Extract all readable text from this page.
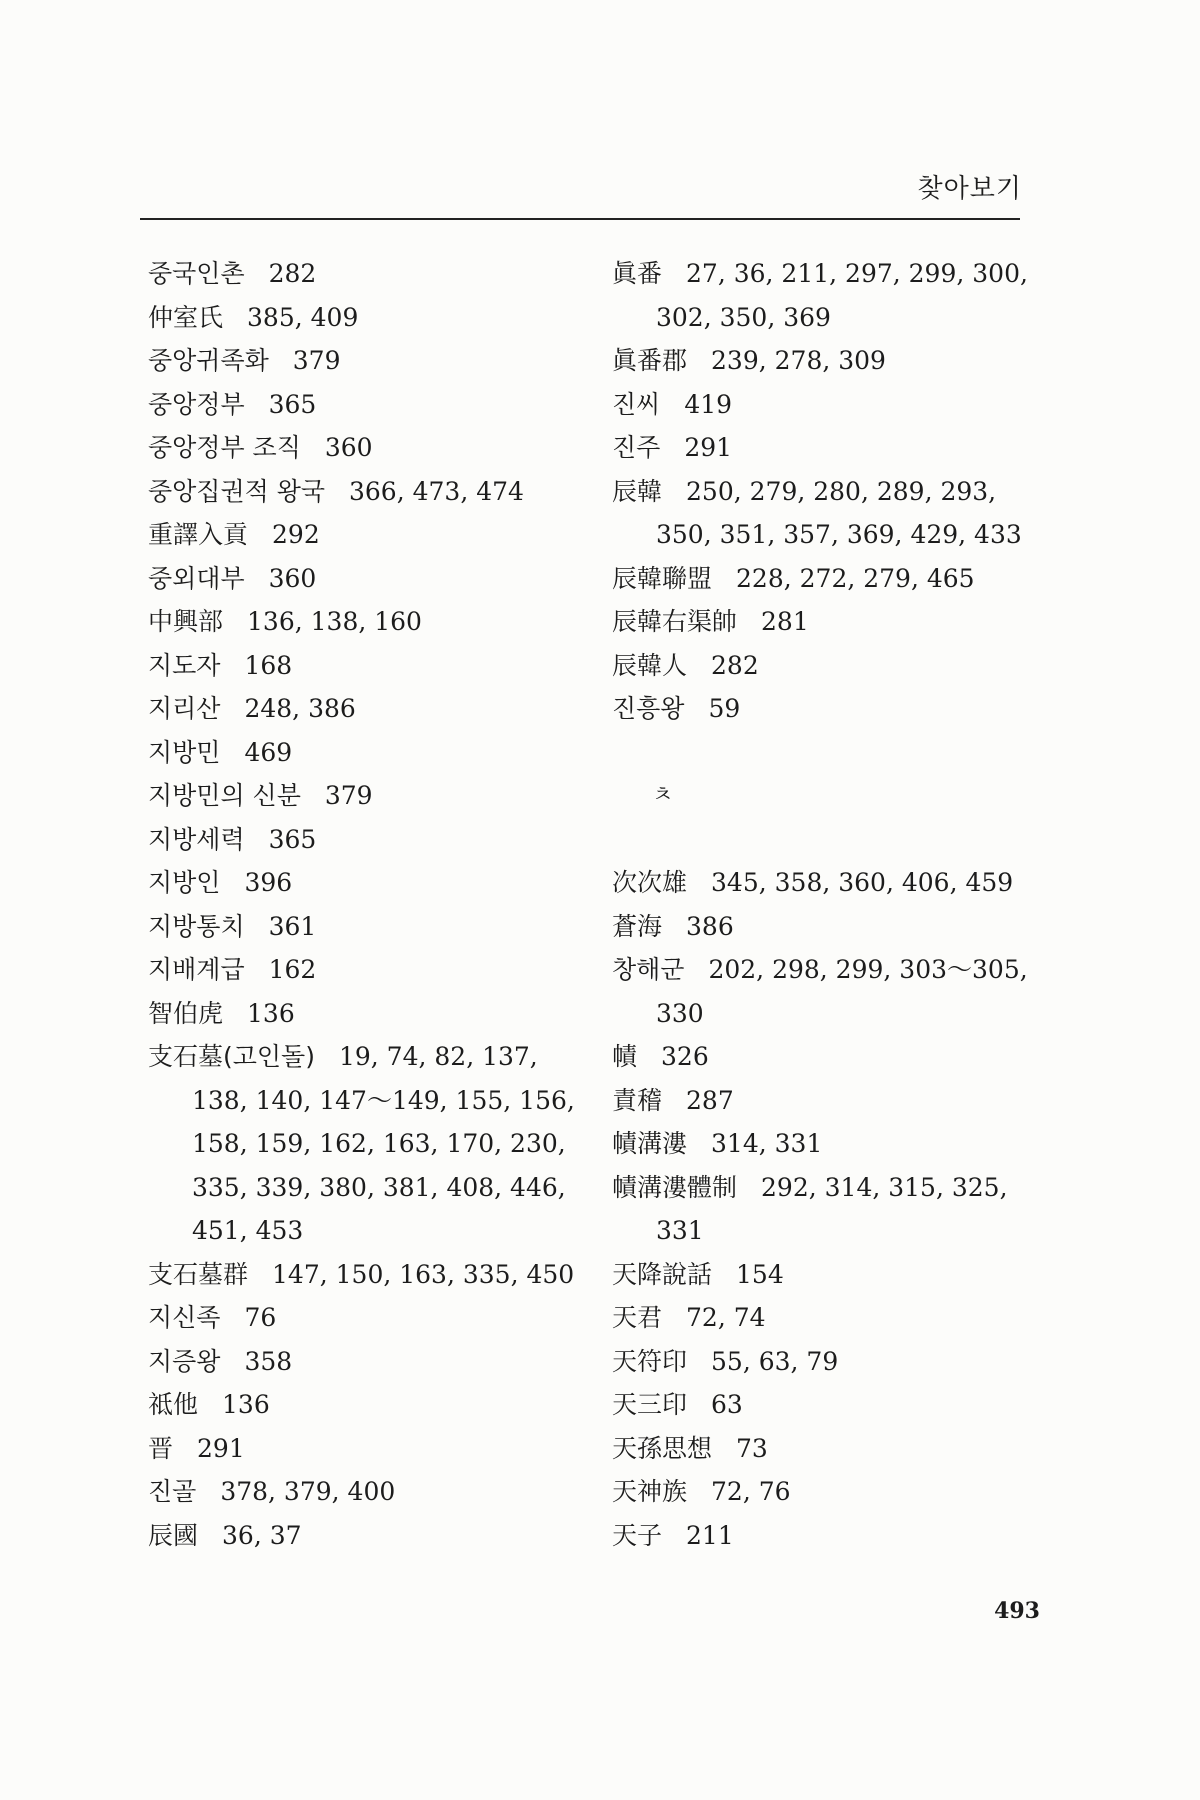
찾아보기
중국인촌 282
仲室氏 385, 409
중앙귀족화 379
중앙정부 365
중앙정부 조직 360
중앙집권적 왕국 366, 473, 474
重譯入貢 292
중외대부 360
中興部 136, 138, 160
지도자 168
지리산 248, 386
지방민 469
지방민의 신분 379
지방세력 365
지방인 396
지방통치 361
지배계급 162
智伯虎 136
支石墓(고인돌) 19, 74, 82, 137,
138, 140, 147～149, 155, 156,
158, 159, 162, 163, 170, 230,
335, 339, 380, 381, 408, 446,
451, 453
支石墓群 147, 150, 163, 335, 450
지신족 76
지증왕 358
祗他 136
晋 291
진골 378, 379, 400
辰國 36, 37
眞番 27, 36, 211, 297, 299, 300,
302, 350, 369
眞番郡 239, 278, 309
진씨 419
진주 291
辰韓 250, 279, 280, 289, 293,
350, 351, 357, 369, 429, 433
辰韓聯盟 228, 272, 279, 465
辰韓右渠帥 281
辰韓人 282
진흥왕 59
ㅊ
次次雄 345, 358, 360, 406, 459
蒼海 386
창해군 202, 298, 299, 303～305,
330
幘 326
責稽 287
幘溝漊 314, 331
幘溝漊體制 292, 314, 315, 325,
331
天降說話 154
天君 72, 74
天符印 55, 63, 79
天三印 63
天孫思想 73
天神族 72, 76
天子 211
493
